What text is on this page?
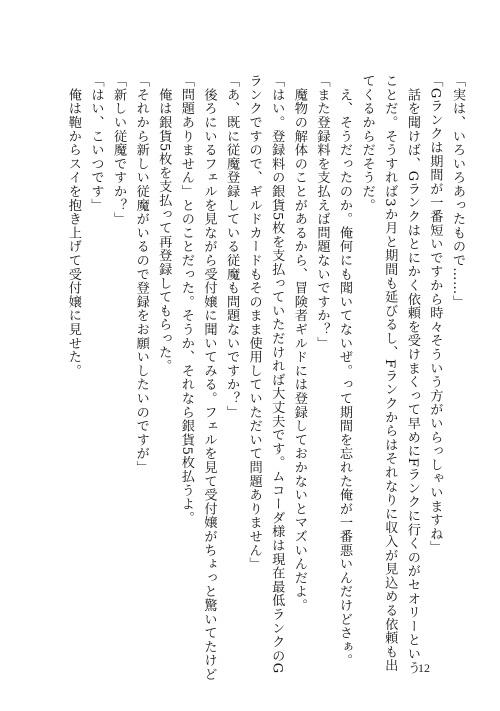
「実は、いろいろあったもので……」
「Gランクは期間が一番短いですから時々そういう方がいらっしゃいますね」
　話を聞けば、Gランクはとにかく依頼を受けまくって早めにFランクに行くのがセオリーという
ことだ。そうすれば3か月と期間も延びるし、Fランクからはそれなりに収入が見込める依頼も出
てくるからだそうだ。
　え、そうだったのか。俺何にも聞いてないぜ。って期間を忘れた俺が一番悪いんだけどさぁ。
「また登録料を支払えば問題ないですか？」
　魔物の解体のことがあるから、冒険者ギルドには登録しておかないとマズいんだよ。
「はい。登録料の銀貨5枚を支払っていただければ大丈夫です。ムコーダ様は現在最低ランクのG
ランクですので、ギルドカードもそのまま使用していただいて問題ありません」
「あ、既に従魔登録している従魔も問題ないですか？」
　後ろにいるフェルを見ながら受付嬢に聞いてみる。フェルを見て受付嬢がちょっと驚いてたけど
「問題ありません」とのことだった。そうか、それなら銀貨5枚払うよ。
　俺は銀貨5枚を支払って再登録してもらった。
「それから新しい従魔がいるので登録をお願いしたいのですが」
「新しい従魔ですか？」
「はい、こいつです」
　俺は鞄からスイを抱き上げて受付嬢に見せた。
12
